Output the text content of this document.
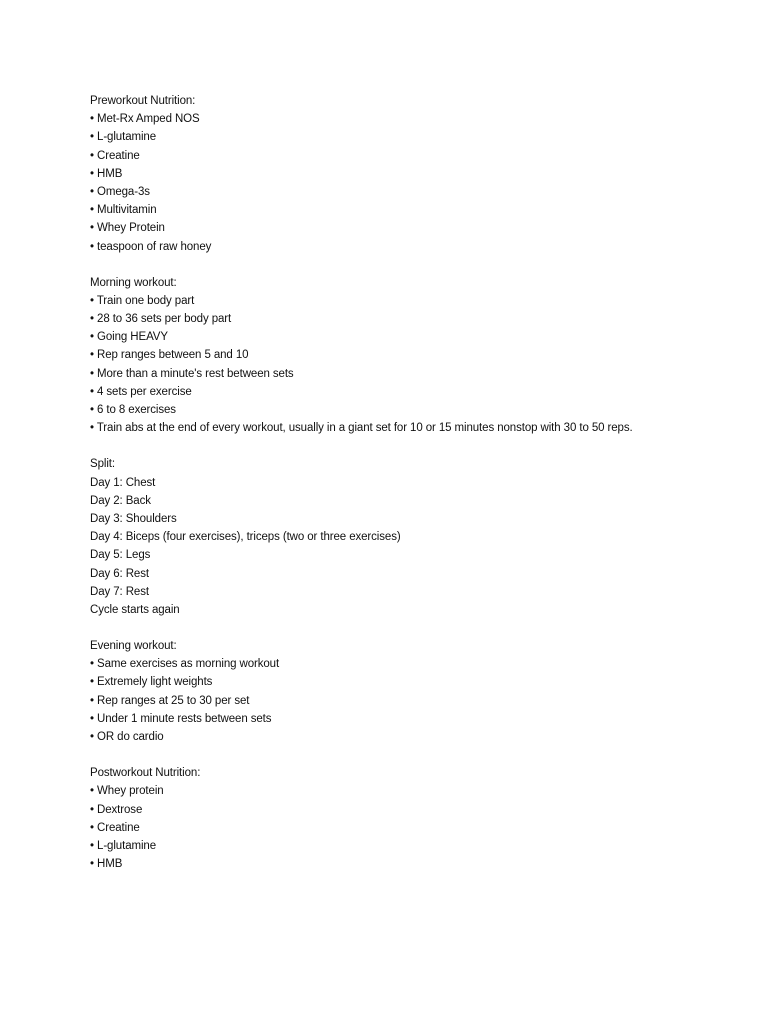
Preworkout Nutrition:
• Met-Rx Amped NOS
• L-glutamine
• Creatine
• HMB
• Omega-3s
• Multivitamin
• Whey Protein
• teaspoon of raw honey
Morning workout:
• Train one body part
• 28 to 36 sets per body part
• Going HEAVY
• Rep ranges between 5 and 10
• More than a minute's rest between sets
• 4 sets per exercise
• 6 to 8 exercises
• Train abs at the end of every workout, usually in a giant set for 10 or 15 minutes nonstop with 30 to 50 reps.
Split:
Day 1: Chest
Day 2: Back
Day 3: Shoulders
Day 4: Biceps (four exercises), triceps (two or three exercises)
Day 5: Legs
Day 6: Rest
Day 7: Rest
Cycle starts again
Evening workout:
• Same exercises as morning workout
• Extremely light weights
• Rep ranges at 25 to 30 per set
• Under 1 minute rests between sets
• OR do cardio
Postworkout Nutrition:
• Whey protein
• Dextrose
• Creatine
• L-glutamine
• HMB
